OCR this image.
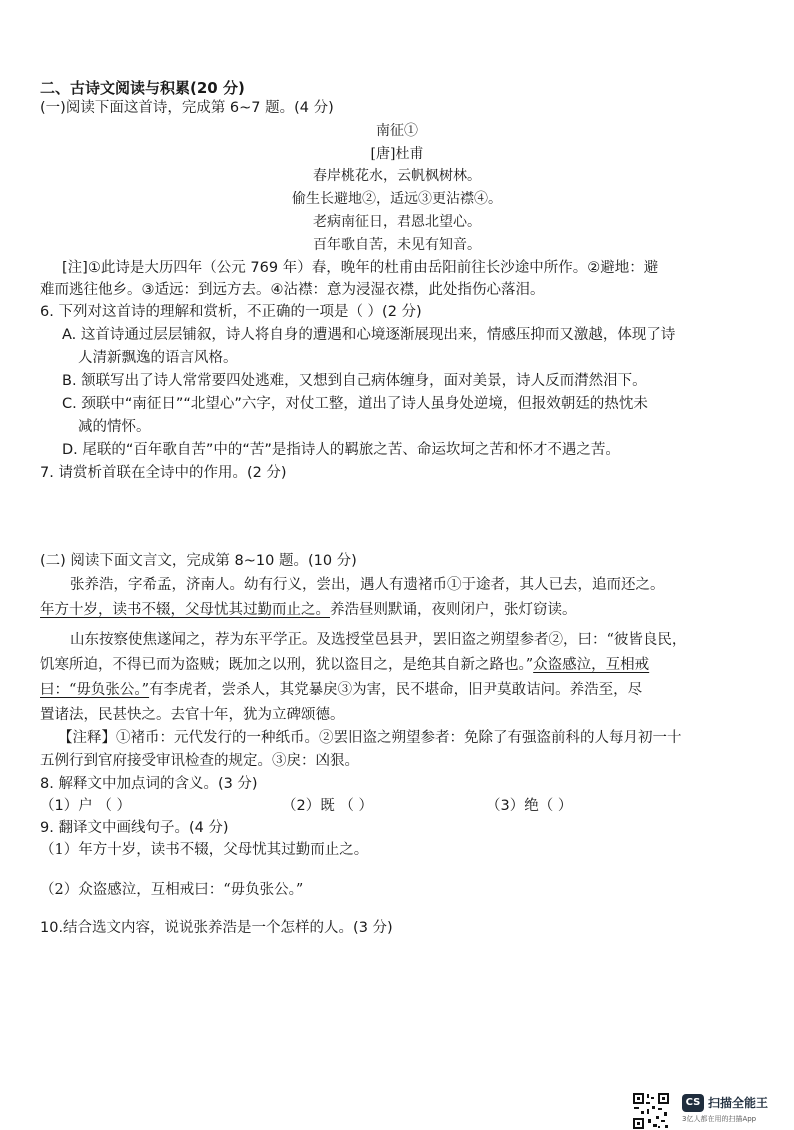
二、古诗文阅读与积累(20 分)
(一)阅读下面这首诗，完成第 6~7 题。(4 分)
南征①
[唐]杜甫
春岸桃花水，云帆枫树林。
偷生长避地②，适远③更沾襟④。
老病南征日，君恩北望心。
百年歌自苦，未见有知音。
[注]①此诗是大历四年（公元 769 年）春，晚年的杜甫由岳阳前往长沙途中所作。②避地：避
难而逃往他乡。③适远：到远方去。④沾襟：意为浸湿衣襟，此处指伤心落泪。
6. 下列对这首诗的理解和赏析，不正确的一项是（ ）(2 分)
A. 这首诗通过层层铺叙，诗人将自身的遭遇和心境逐渐展现出来，情感压抑而又激越，体现了诗
人清新飘逸的语言风格。
B. 颔联写出了诗人常常要四处逃难，又想到自己病体缠身，面对美景，诗人反而潸然泪下。
C. 颈联中“南征日”“北望心”六字，对仗工整，道出了诗人虽身处逆境，但报效朝廷的热忱未
减的情怀。
D. 尾联的“百年歌自苦”中的“苦”是指诗人的羁旅之苦、命运坎坷之苦和怀才不遇之苦。
7. 请赏析首联在全诗中的作用。(2 分)
(二) 阅读下面文言文，完成第 8~10 题。(10 分)
张养浩，字希孟，济南人。幼有行义，尝出，遇人有遗褚币①于途者，其人已去，追而还之。
年方十岁，读书不辍，父母忧其过勤而止之。养浩昼则默诵，夜则闭户，张灯窃读。
山东按察使焦遂闻之，荐为东平学正。及选授堂邑县尹，罢旧盗之朔望参者②，曰：“彼皆良民，
饥寒所迫，不得已而为盗贼；既加之以刑，犹以盗目之，是绝其自新之路也。”众盗感泣，互相戒
曰：“毋负张公。”有李虎者，尝杀人，其党暴戾③为害，民不堪命，旧尹莫敢诘问。养浩至，尽
置诸法，民甚快之。去官十年，犹为立碑颂德。
【注释】①褚币：元代发行的一种纸币。②罢旧盗之朔望参者：免除了有强盗前科的人每月初一十
五例行到官府接受审讯检查的规定。③戾：凶狠。
8. 解释文中加点词的含义。(3 分)
（1）户 （ ）	（2）既 （ ）	（3）绝（ ）
9. 翻译文中画线句子。(4 分)
（1）年方十岁，读书不辍，父母忧其过勤而止之。
（2）众盗感泣，互相戒曰：“毋负张公。”
10.结合选文内容，说说张养浩是一个怎样的人。(3 分)
CS 扫描全能王
3亿人都在用的扫描App
